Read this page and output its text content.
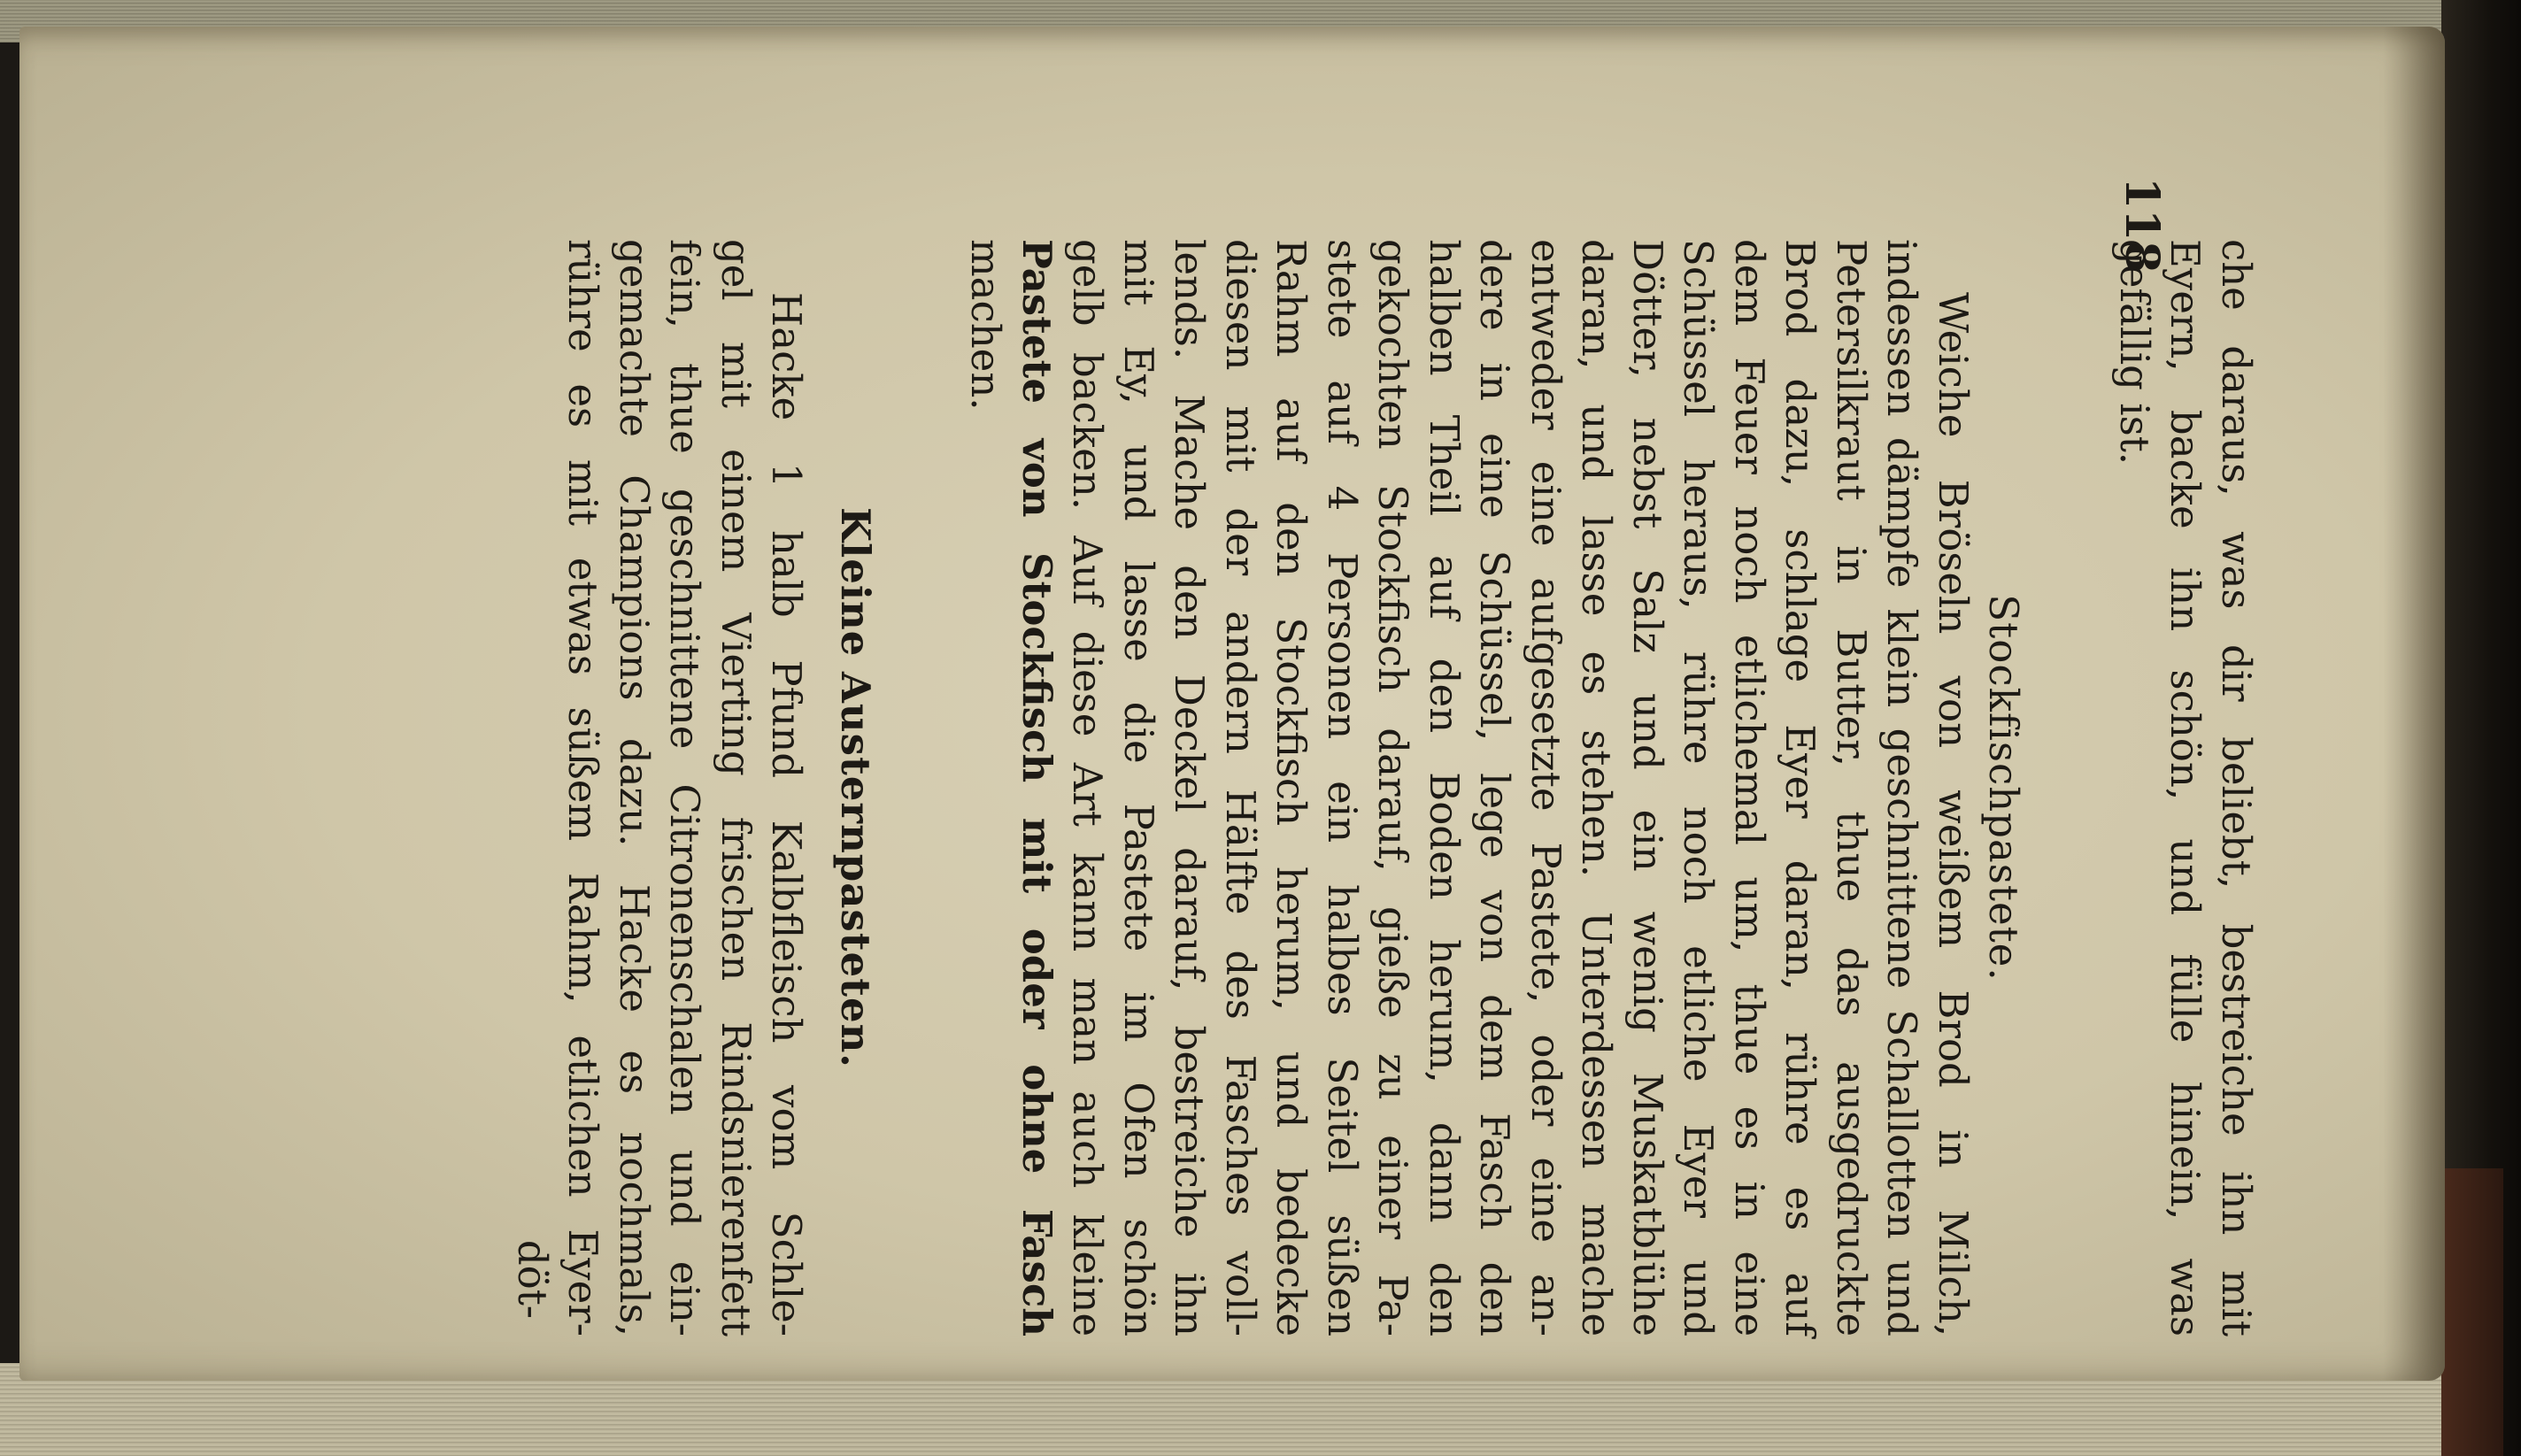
118
che daraus, was dir beliebt, bestreiche ihn mit
Eyern, backe ihn schön, und fülle hinein, was
gefällig ist.
Stockfischpastete.
Weiche Bröseln von weißem Brod in Milch,
indessen dämpfe klein geschnittene Schallotten und
Petersilkraut in Butter, thue das ausgedruckte
Brod dazu, schlage Eyer daran, rühre es auf
dem Feuer noch etlichemal um, thue es in eine
Schüssel heraus, rühre noch etliche Eyer und
Dötter, nebst Salz und ein wenig Muskatblühe
daran, und lasse es stehen. Unterdessen mache
entweder eine aufgesetzte Pastete, oder eine an-
dere in eine Schüssel, lege von dem Fasch den
halben Theil auf den Boden herum, dann den
gekochten Stockfisch darauf, gieße zu einer Pa-
stete auf 4 Personen ein halbes Seitel süßen
Rahm auf den Stockfisch herum, und bedecke
diesen mit der andern Hälfte des Fasches voll-
lends. Mache den Deckel darauf, bestreiche ihn
mit Ey, und lasse die Pastete im Ofen schön
gelb backen. Auf diese Art kann man auch kleine
Pastete von Stockfisch mit oder ohne Fasch
machen.
Kleine Austernpasteten.
Hacke 1 halb Pfund Kalbfleisch vom Schle-
gel mit einem Vierting frischen Rindsnierenfett
fein, thue geschnittene Citronenschalen und ein-
gemachte Champions dazu. Hacke es nochmals,
rühre es mit etwas süßem Rahm, etlichen Eyer-
döt-
